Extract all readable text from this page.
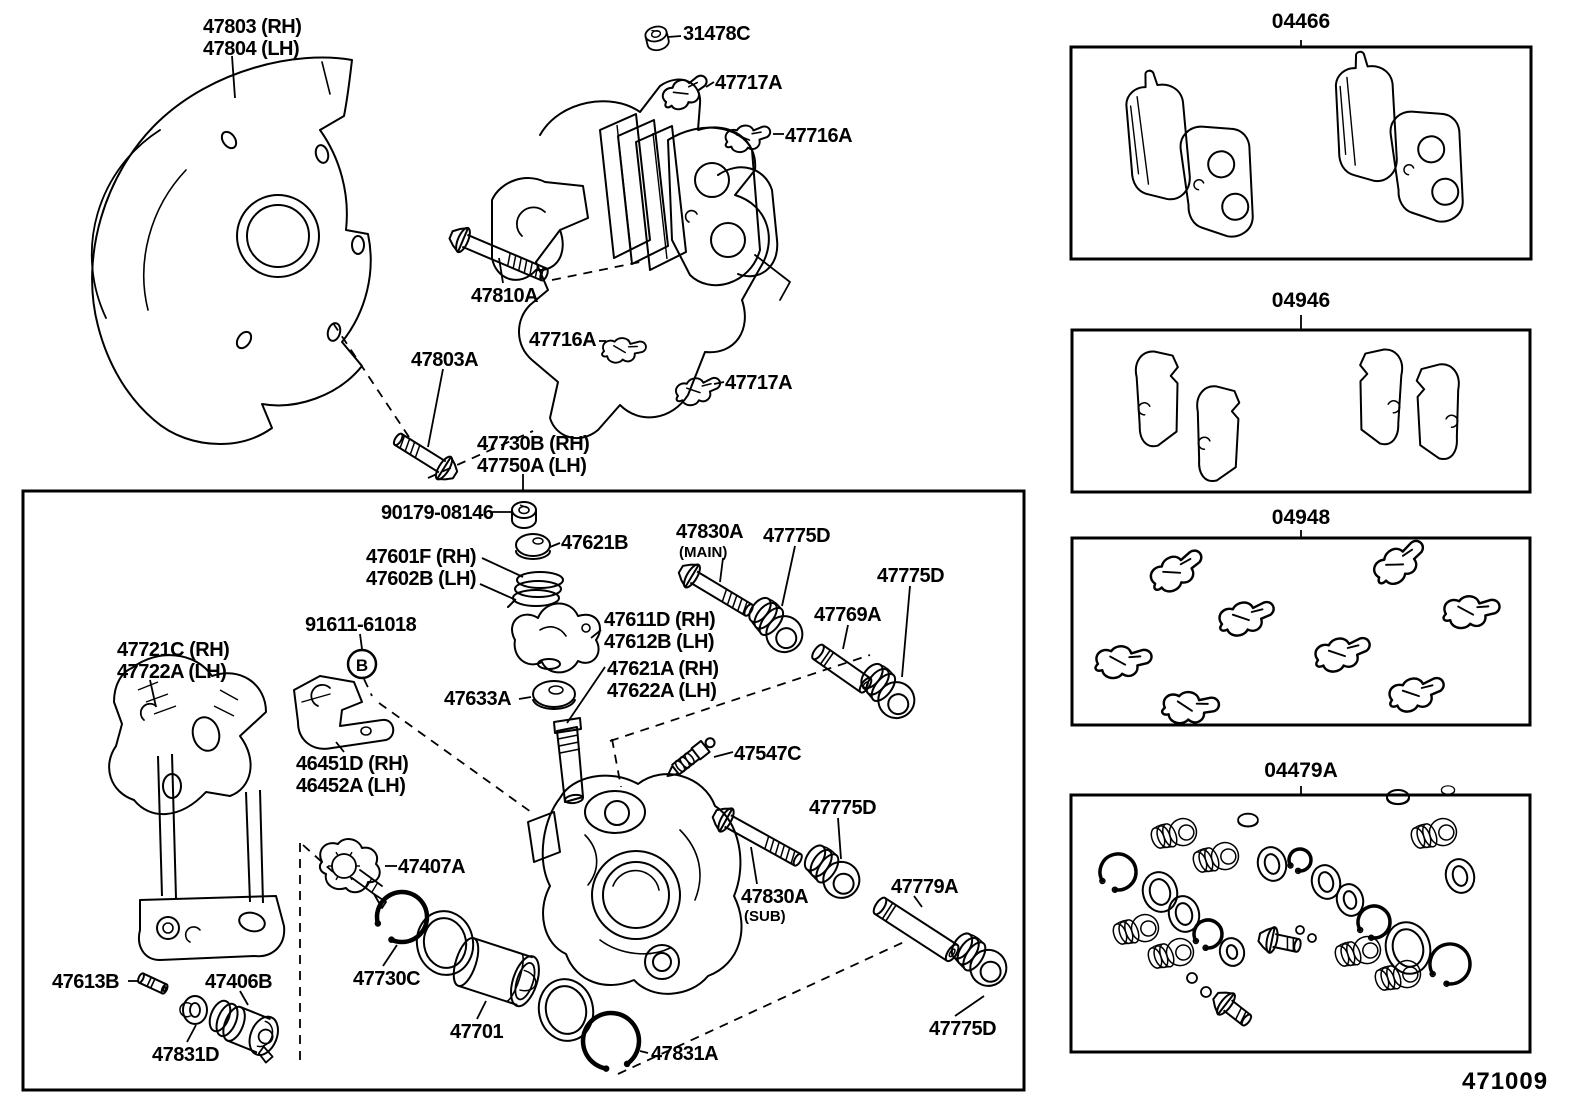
B
47803 (RH)
47804 (LH)
31478C
47717A
47716A
47810A
47716A
47803A
47717A
47730B (RH)
47750A (LH)
90179-08146
47621B
47601F (RH)
47602B (LH)
47830A
(MAIN)
47775D
47775D
47769A
47611D (RH)
47612B (LH)
91611-61018
47721C (RH)
47722A (LH)
47633A
47621A (RH)
47622A (LH)
47547C
46451D (RH)
46452A (LH)
47775D
47830A
(SUB)
47779A
47407A
47730C
47613B	47406B
47831D
47701
47831A
47775D
04466
04946
04948
04479A
471009
